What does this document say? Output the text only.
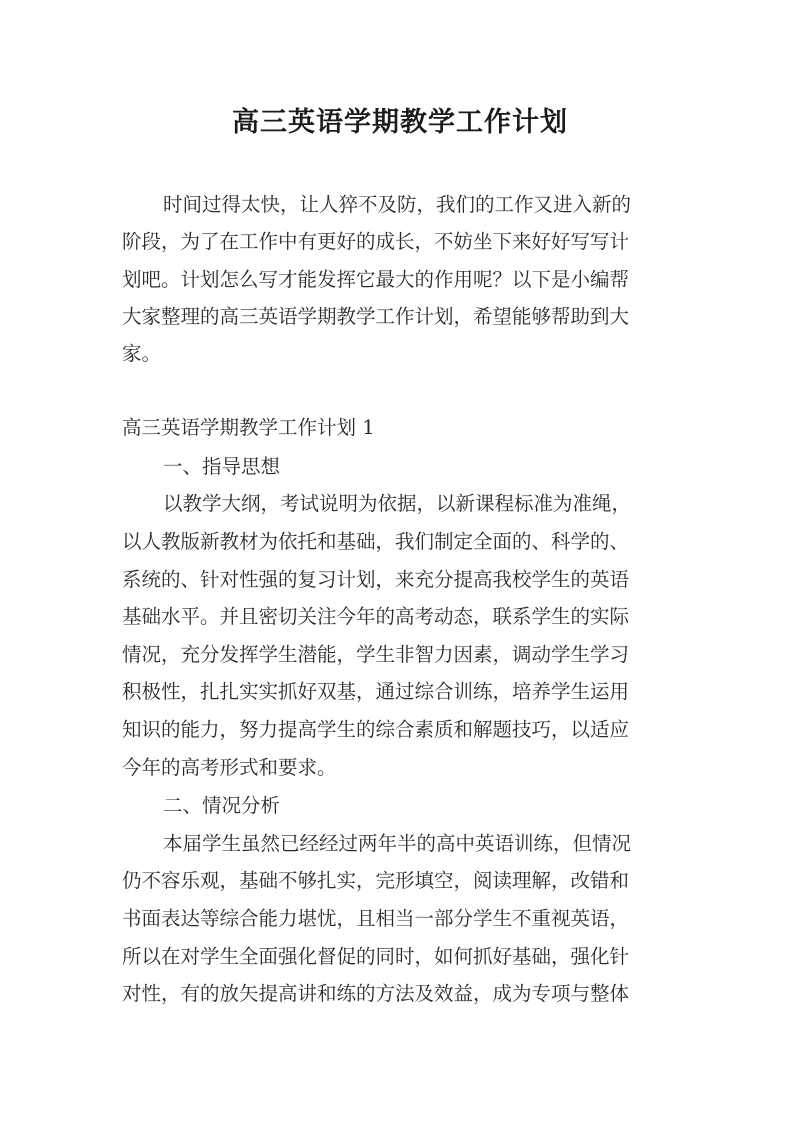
高三英语学期教学工作计划
时间过得太快，让人猝不及防，我们的工作又进入新的
阶段，为了在工作中有更好的成长，不妨坐下来好好写写计
划吧。计划怎么写才能发挥它最大的作用呢？以下是小编帮
大家整理的高三英语学期教学工作计划，希望能够帮助到大
家。
高三英语学期教学工作计划 1
一、指导思想
以教学大纲，考试说明为依据，以新课程标准为准绳，
以人教版新教材为依托和基础，我们制定全面的、科学的、
系统的、针对性强的复习计划，来充分提高我校学生的英语
基础水平。并且密切关注今年的高考动态，联系学生的实际
情况，充分发挥学生潜能，学生非智力因素，调动学生学习
积极性，扎扎实实抓好双基，通过综合训练，培养学生运用
知识的能力，努力提高学生的综合素质和解题技巧，以适应
今年的高考形式和要求。
二、情况分析
本届学生虽然已经经过两年半的高中英语训练，但情况
仍不容乐观，基础不够扎实，完形填空，阅读理解，改错和
书面表达等综合能力堪忧，且相当一部分学生不重视英语，
所以在对学生全面强化督促的同时，如何抓好基础，强化针
对性，有的放矢提高讲和练的方法及效益，成为专项与整体
